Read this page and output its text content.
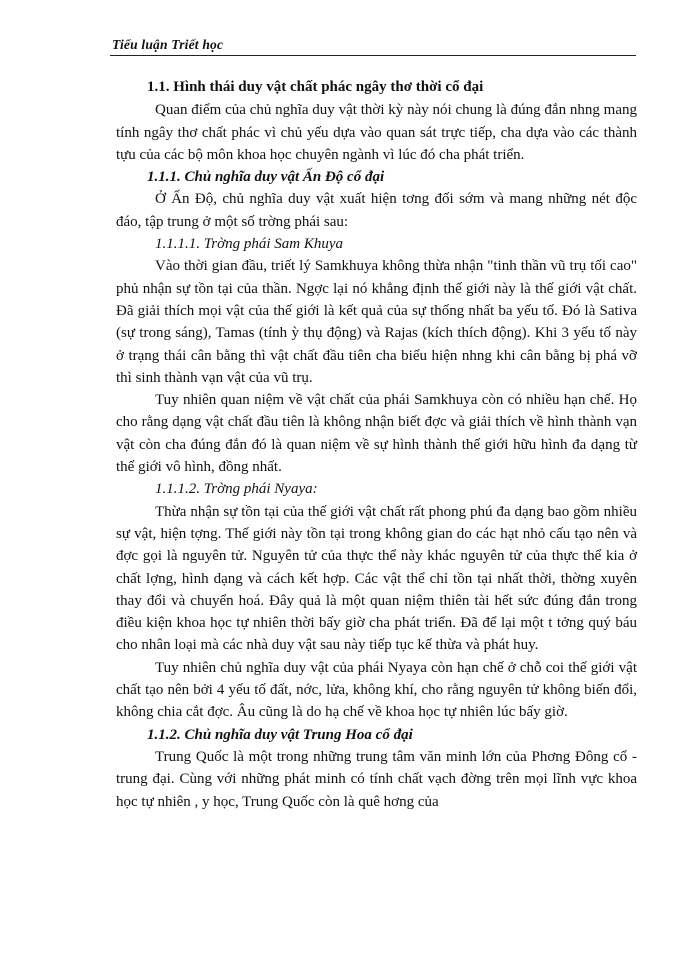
Tiểu luận Triết học

1.1. Hình thái duy vật chất phác ngây thơ thời cổ đại

Quan điểm của chủ nghĩa duy vật thời kỳ này nói chung là đúng đắn nhng mang tính ngây thơ chất phác vì chủ yếu dựa vào quan sát trực tiếp, cha dựa vào các thành tựu của các bộ môn khoa học chuyên ngành vì lúc đó cha phát triển.

1.1.1. Chủ nghĩa duy vật Ấn Độ cổ đại

Ở Ấn Độ, chủ nghĩa duy vật xuất hiện tơng đối sớm và mang những nét độc đáo, tập trung ở một số trờng phái sau:

1.1.1.1. Trờng phái Sam Khuya

Vào thời gian đầu, triết lý Samkhuya không thừa nhận "tinh thần vũ trụ tối cao" phủ nhận sự tồn tại của thần. Ngợc lại nó khẳng định thế giới này là thế giới vật chất. Đã giải thích mọi vật của thế giới là kết quả của sự thống nhất ba yếu tố. Đó là Sativa (sự trong sáng), Tamas (tính ỳ thụ động) và Rajas (kích thích động). Khi 3 yếu tố này ở trạng thái cân bằng thì vật chất đầu tiên cha biểu hiện nhng khi cân bằng bị phá vỡ thì sinh thành vạn vật của vũ trụ.

Tuy nhiên quan niệm về vật chất của phái Samkhuya còn có nhiều hạn chế. Họ cho rằng dạng vật chất đầu tiên là không nhận biết đợc và giải thích về hình thành vạn vật còn cha đúng đắn đó là quan niệm về sự hình thành thế giới hữu hình đa dạng từ thế giới vô hình, đồng nhất.

1.1.1.2. Trờng phái Nyaya:

Thừa nhận sự tồn tại của thế giới vật chất rất phong phú đa dạng bao gồm nhiều sự vật, hiện tợng. Thế giới này tồn tại trong không gian do các hạt nhỏ cấu tạo nên và đợc gọi là nguyên tử. Nguyên tử của thực thể này khác nguyên tử của thực thể kia ở chất lợng, hình dạng và cách kết hợp. Các vật thể chỉ tồn tại nhất thời, thờng xuyên thay đổi và chuyển hoá. Đây quả là một quan niệm thiên tài hết sức đúng đắn trong điều kiện khoa học tự nhiên thời bấy giờ cha phát triển. Đã để lại một t tởng quý báu cho nhân loại mà các nhà duy vật sau này tiếp tục kế thừa và phát huy.

Tuy nhiên chủ nghĩa duy vật của phái Nyaya còn hạn chế ở chỗ coi thế giới vật chất tạo nên bởi 4 yếu tố đất, nớc, lửa, không khí, cho rằng nguyên tử không biến đổi, không chia cắt đợc. Âu cũng là do hạ chế về khoa học tự nhiên lúc bấy giờ.

1.1.2. Chủ nghĩa duy vật Trung Hoa cổ đại

Trung Quốc là một trong những trung tâm văn minh lớn của Phơng Đông cổ - trung đại. Cùng với những phát minh có tính chất vạch đờng trên mọi lĩnh vực khoa học tự nhiên , y học, Trung Quốc còn là quê hơng của
